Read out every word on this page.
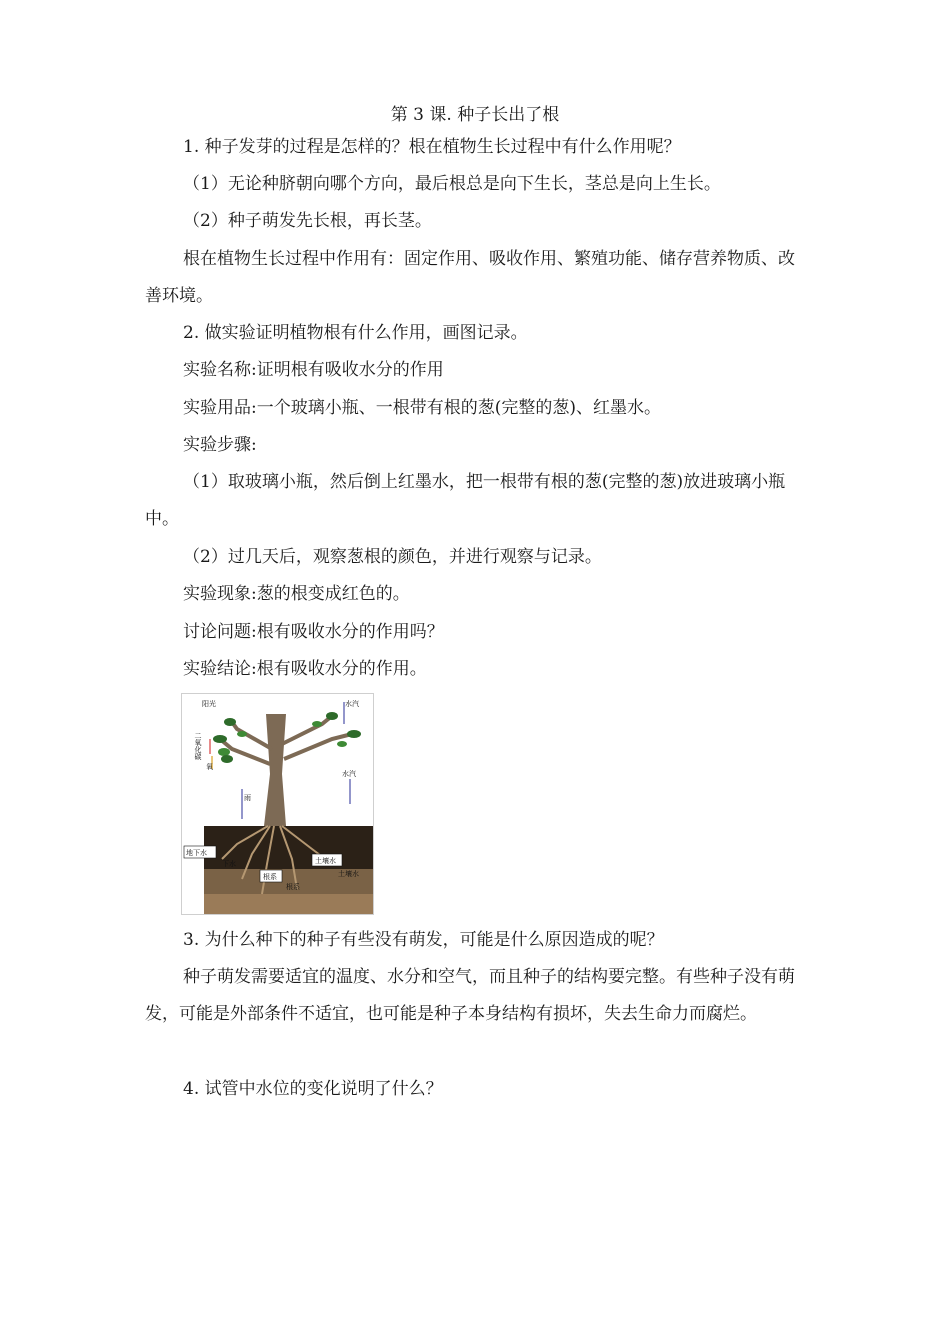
第 3 课. 种子长出了根
1. 种子发芽的过程是怎样的？根在植物生长过程中有什么作用呢？
（1）无论种脐朝向哪个方向，最后根总是向下生长，茎总是向上生长。
（2）种子萌发先长根，再长茎。
根在植物生长过程中作用有：固定作用、吸收作用、繁殖功能、储存营养物质、改善环境。
2. 做实验证明植物根有什么作用，画图记录。
实验名称:证明根有吸收水分的作用
实验用品:一个玻璃小瓶、一根带有根的葱(完整的葱)、红墨水。
实验步骤:
（1）取玻璃小瓶，然后倒上红墨水，把一根带有根的葱(完整的葱)放进玻璃小瓶中。
（2）过几天后，观察葱根的颜色，并进行观察与记录。
实验现象:葱的根变成红色的。
讨论问题:根有吸收水分的作用吗？
实验结论:根有吸收水分的作用。
阳光
二氧化碳
氧
水汽
水汽
雨
地下水
土壤水
根系
下水
根系
土壤水
3. 为什么种下的种子有些没有萌发，可能是什么原因造成的呢？
种子萌发需要适宜的温度、水分和空气，而且种子的结构要完整。有些种子没有萌发，可能是外部条件不适宜，也可能是种子本身结构有损坏，失去生命力而腐烂。
4. 试管中水位的变化说明了什么？
